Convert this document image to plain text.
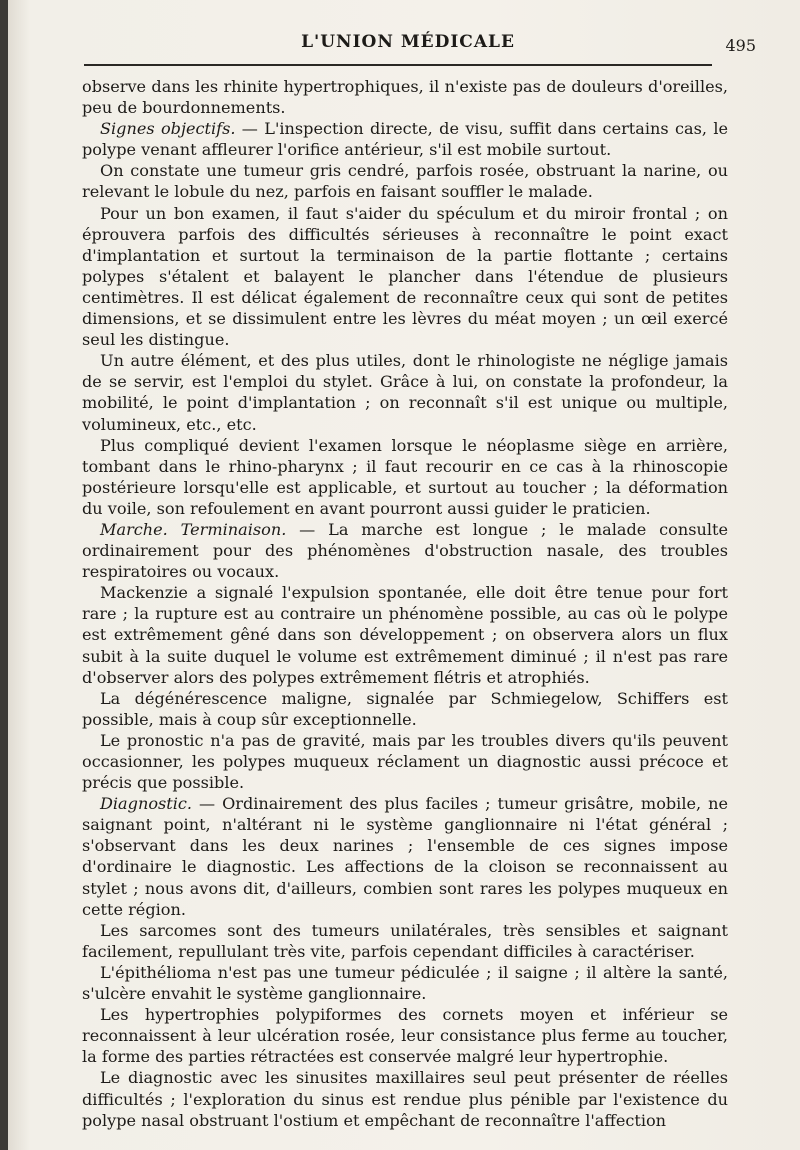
L'UNION MÉDICALE	495

observe dans les rhinite hypertrophiques, il n'existe pas de douleurs d'oreilles, peu de bourdonnements.

Signes objectifs. — L'inspection directe, de visu, suffit dans certains cas, le polype venant affleurer l'orifice antérieur, s'il est mobile surtout.

On constate une tumeur gris cendré, parfois rosée, obstruant la narine, ou relevant le lobule du nez, parfois en faisant souffler le malade.

Pour un bon examen, il faut s'aider du spéculum et du miroir frontal ; on éprouvera parfois des difficultés sérieuses à reconnaître le point exact d'implantation et surtout la terminaison de la partie flottante ; certains polypes s'étalent et balayent le plancher dans l'étendue de plusieurs centimètres. Il est délicat également de reconnaître ceux qui sont de petites dimensions, et se dissimulent entre les lèvres du méat moyen ; un œil exercé seul les distingue.

Un autre élément, et des plus utiles, dont le rhinologiste ne néglige jamais de se servir, est l'emploi du stylet. Grâce à lui, on constate la profondeur, la mobilité, le point d'implantation ; on reconnaît s'il est unique ou multiple, volumineux, etc., etc.

Plus compliqué devient l'examen lorsque le néoplasme siège en arrière, tombant dans le rhino-pharynx ; il faut recourir en ce cas à la rhinoscopie postérieure lorsqu'elle est applicable, et surtout au toucher ; la déformation du voile, son refoulement en avant pourront aussi guider le praticien.

Marche. Terminaison. — La marche est longue ; le malade consulte ordinairement pour des phénomènes d'obstruction nasale, des troubles respiratoires ou vocaux.

Mackenzie a signalé l'expulsion spontanée, elle doit être tenue pour fort rare ; la rupture est au contraire un phénomène possible, au cas où le polype est extrêmement gêné dans son développement ; on observera alors un flux subit à la suite duquel le volume est extrêmement diminué ; il n'est pas rare d'observer alors des polypes extrêmement flétris et atrophiés.

La dégénérescence maligne, signalée par Schmiegelow, Schiffers est possible, mais à coup sûr exceptionnelle.

Le pronostic n'a pas de gravité, mais par les troubles divers qu'ils peuvent occasionner, les polypes muqueux réclament un diagnostic aussi précoce et précis que possible.

Diagnostic. — Ordinairement des plus faciles ; tumeur grisâtre, mobile, ne saignant point, n'altérant ni le système ganglionnaire ni l'état général ; s'observant dans les deux narines ; l'ensemble de ces signes impose d'ordinaire le diagnostic. Les affections de la cloison se reconnaissent au stylet ; nous avons dit, d'ailleurs, combien sont rares les polypes muqueux en cette région.

Les sarcomes sont des tumeurs unilatérales, très sensibles et saignant facilement, repullulant très vite, parfois cependant difficiles à caractériser.

L'épithélioma n'est pas une tumeur pédiculée ; il saigne ; il altère la santé, s'ulcère envahit le système ganglionnaire.

Les hypertrophies polypiformes des cornets moyen et inférieur se reconnaissent à leur ulcération rosée, leur consistance plus ferme au toucher, la forme des parties rétractées est conservée malgré leur hypertrophie.

Le diagnostic avec les sinusites maxillaires seul peut présenter de réelles difficultés ; l'exploration du sinus est rendue plus pénible par l'existence du polype nasal obstruant l'ostium et empêchant de reconnaître l'affection
